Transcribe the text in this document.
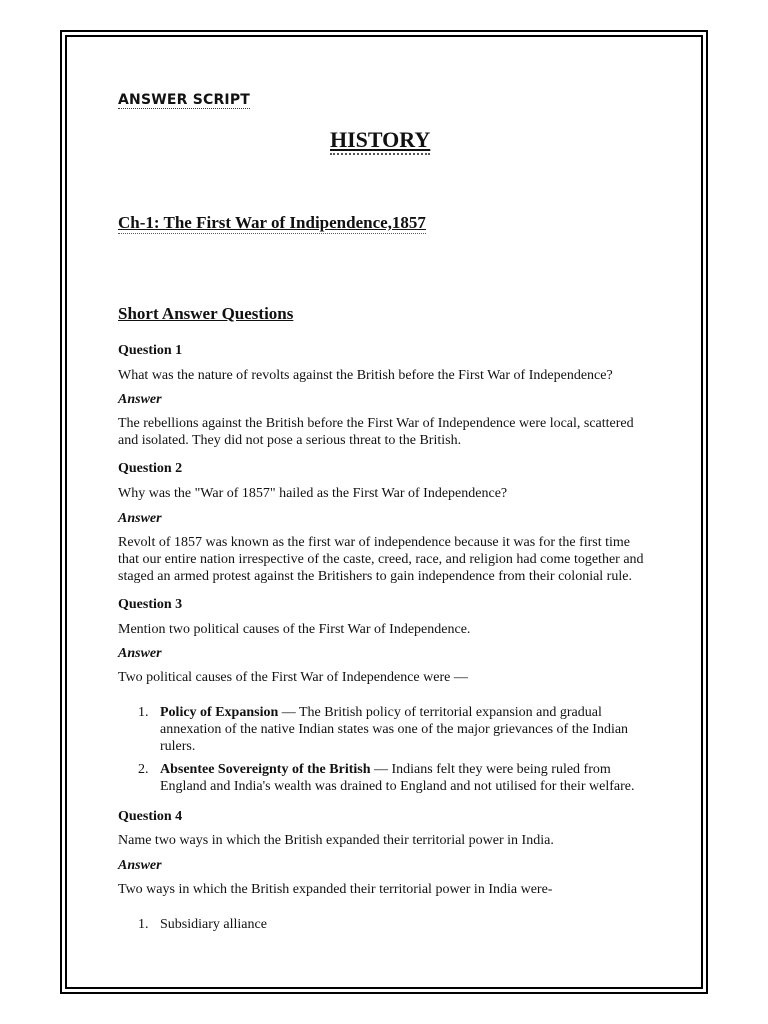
ANSWER SCRIPT
HISTORY
Ch-1: The First War of Indipendence,1857
Short Answer Questions
Question 1
What was the nature of revolts against the British before the First War of Independence?
Answer
The rebellions against the British before the First War of Independence were local, scattered
and isolated. They did not pose a serious threat to the British.
Question 2
Why was the "War of 1857" hailed as the First War of Independence?
Answer
Revolt of 1857 was known as the first war of independence because it was for the first time
that our entire nation irrespective of the caste, creed, race, and religion had come together and
staged an armed protest against the Britishers to gain independence from their colonial rule.
Question 3
Mention two political causes of the First War of Independence.
Answer
Two political causes of the First War of Independence were —
1. Policy of Expansion — The British policy of territorial expansion and gradual
annexation of the native Indian states was one of the major grievances of the Indian
rulers.
2. Absentee Sovereignty of the British — Indians felt they were being ruled from
England and India's wealth was drained to England and not utilised for their welfare.
Question 4
Name two ways in which the British expanded their territorial power in India.
Answer
Two ways in which the British expanded their territorial power in India were-
1. Subsidiary alliance
